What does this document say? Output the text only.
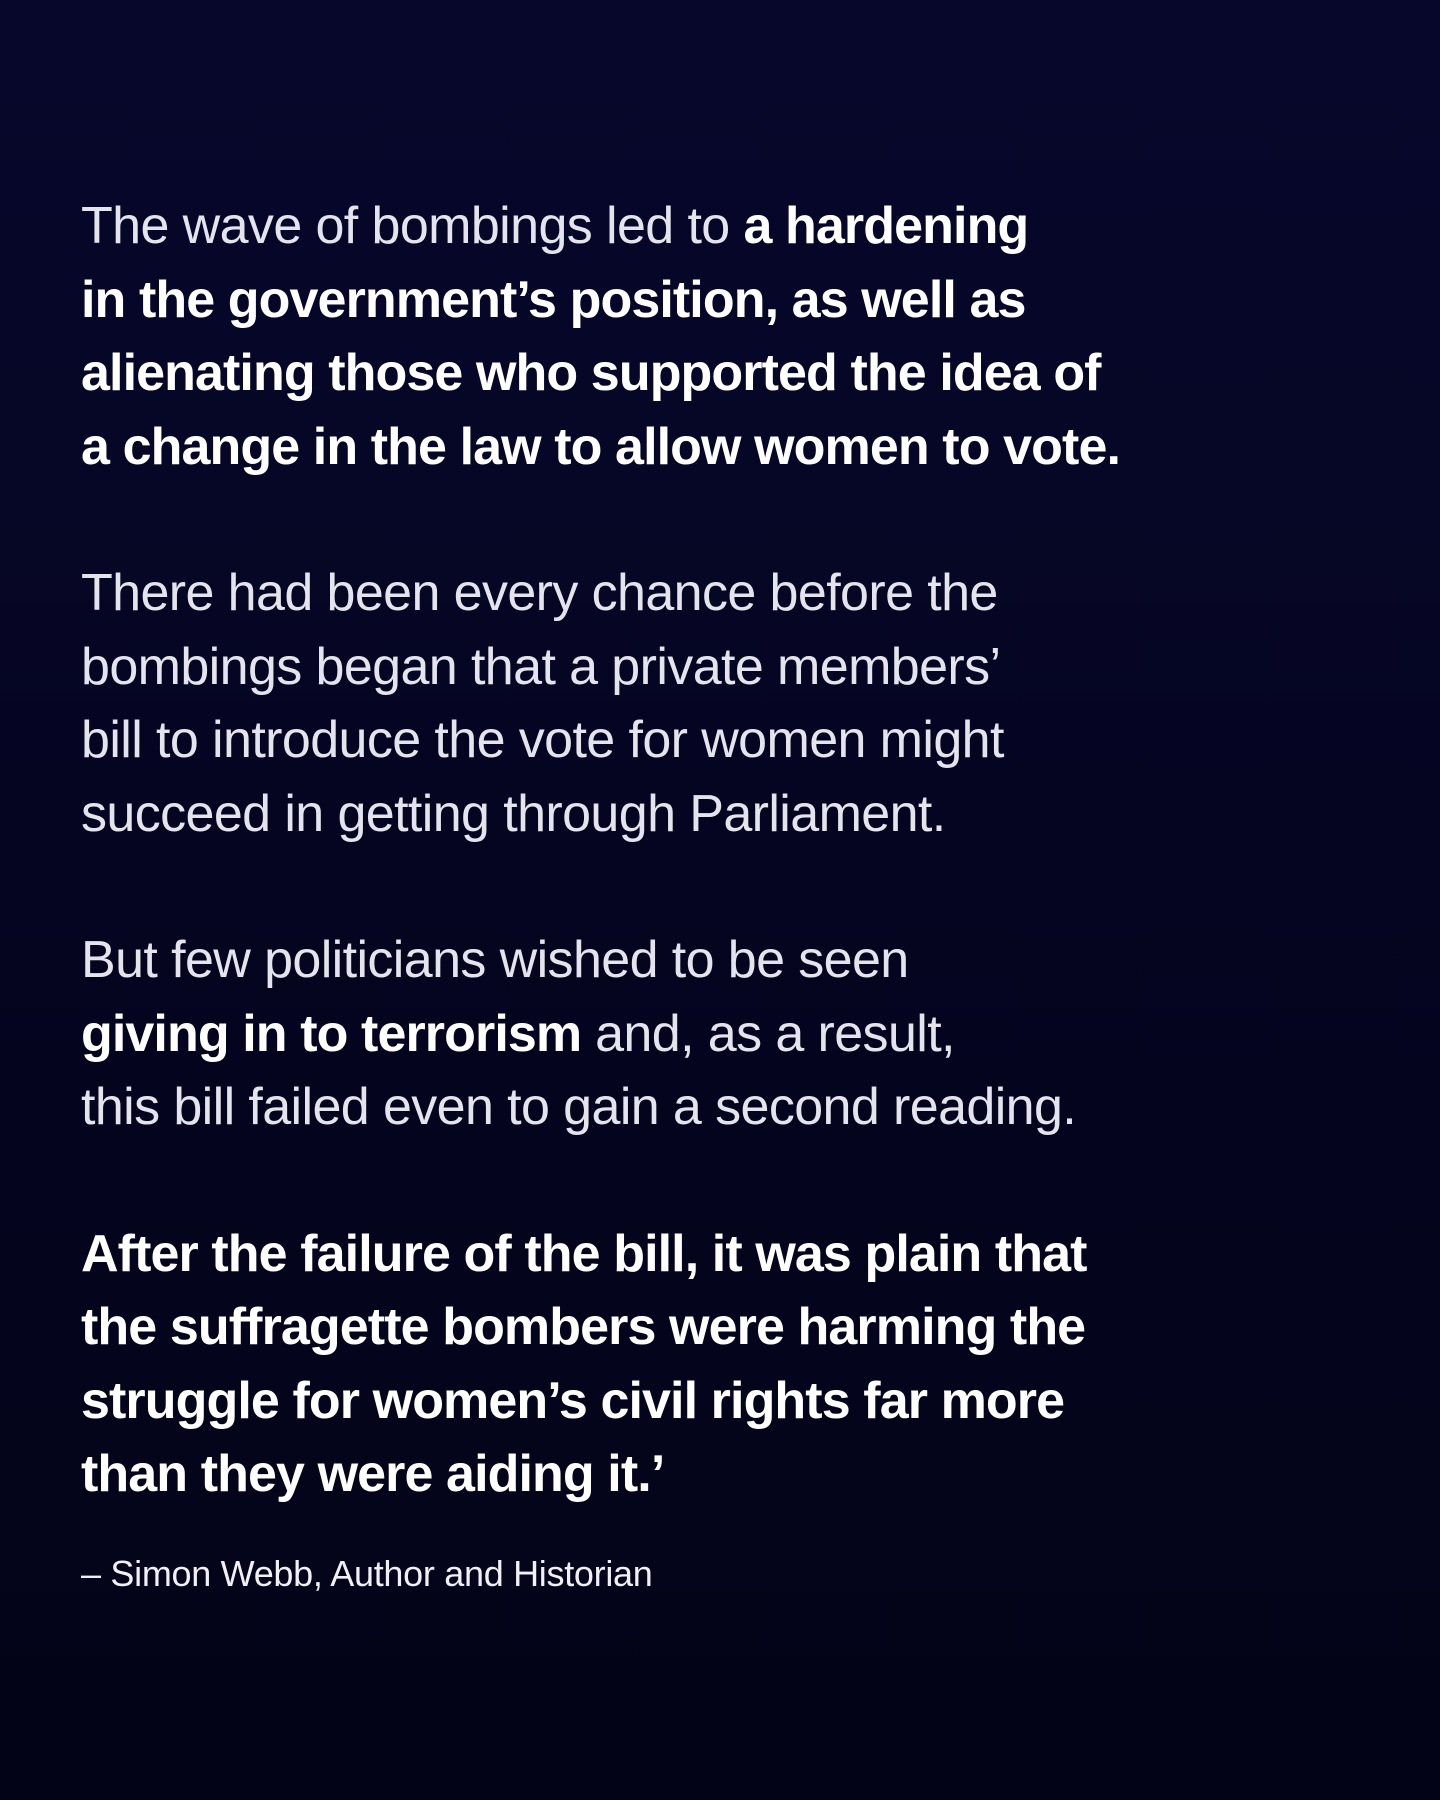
The wave of bombings led to a hardening
in the government’s position, as well as
alienating those who supported the idea of
a change in the law to allow women to vote.

There had been every chance before the
bombings began that a private members’
bill to introduce the vote for women might
succeed in getting through Parliament.

But few politicians wished to be seen
giving in to terrorism and, as a result,
this bill failed even to gain a second reading.

After the failure of the bill, it was plain that
the suffragette bombers were harming the
struggle for women’s civil rights far more
than they were aiding it.’

– Simon Webb, Author and Historian
